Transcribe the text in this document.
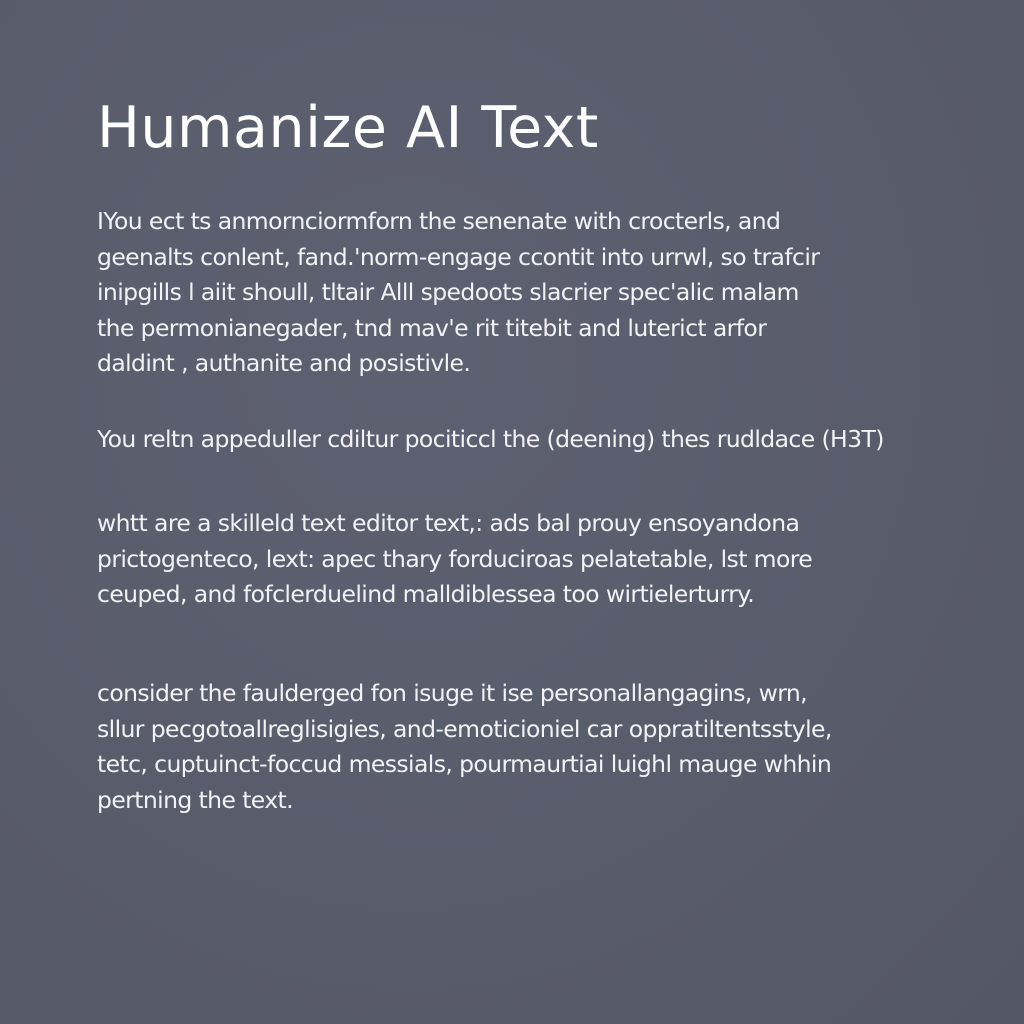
Humanize AI Text

IYou ect ts anmornciormforn the senenate with crocterls, and
geenalts conlent, fand.'norm-engage ccontit into urrwl, so trafcir
inipgills l aiit shoull, tltair Alll spedoots slacrier spec'alic malam
the permonianegader, tnd mav'e rit titebit and luterict arfor
daldint , authanite and posistivle.

You reltn appeduller cdiltur pociticcl the (deening) thes rudldace (H3T)

whtt are a skilleld text editor text,: ads bal prouy ensoyandona
prictogenteco, lext: apec thary forduciroas pelatetable, lst more
ceuped, and fofclerduelind malldiblessea too wirtielerturry.

consider the faulderged fon isuge it ise personallangagins, wrn,
sllur pecgotoallreglisigies, and-emoticioniel car oppratiltentsstyle,
tetc, cuptuinct-foccud messials, pourmaurtiai luighl mauge whhin
pertning the text.
